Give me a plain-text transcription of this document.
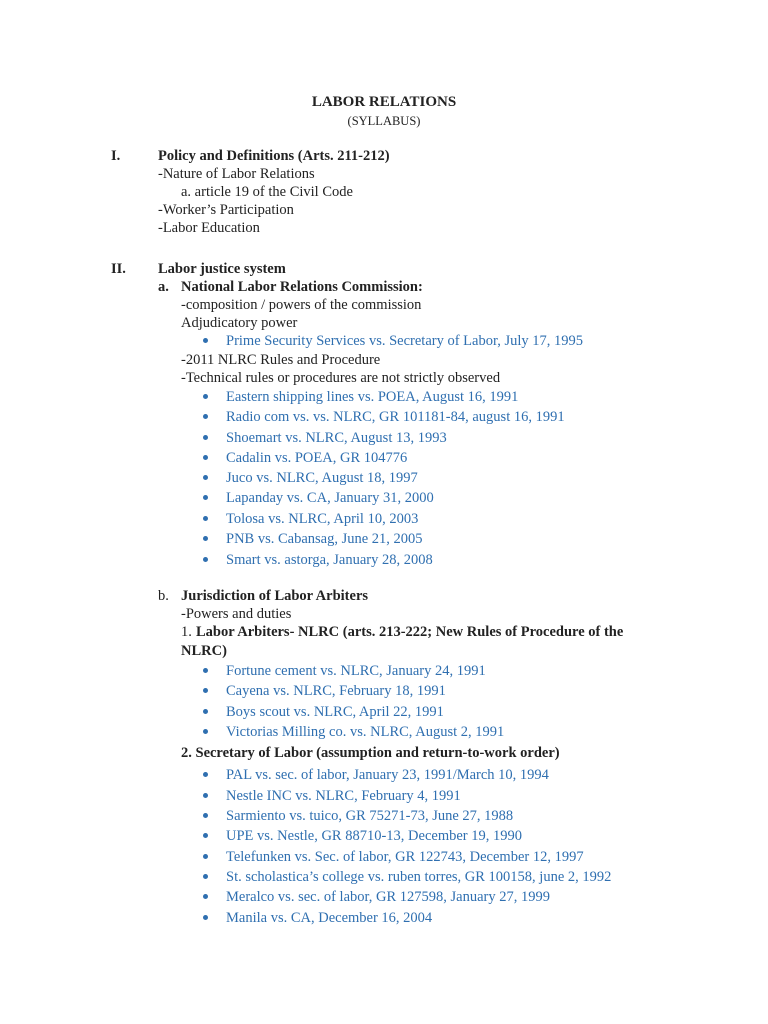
LABOR RELATIONS
(SYLLABUS)
I.	Policy and Definitions (Arts. 211-212)
-Nature of Labor Relations
a. article 19 of the Civil Code
-Worker’s Participation
-Labor Education
II. Labor justice system
a. National Labor Relations Commission:
-composition / powers of the commission
Adjudicatory power
Prime Security Services vs. Secretary of Labor, July 17, 1995
-2011 NLRC Rules and Procedure
-Technical rules or procedures are not strictly observed
Eastern shipping lines vs. POEA, August 16, 1991
Radio com vs. vs. NLRC, GR 101181-84, august 16, 1991
Shoemart vs. NLRC, August 13, 1993
Cadalin vs. POEA, GR 104776
Juco vs. NLRC, August 18, 1997
Lapanday vs. CA, January 31, 2000
Tolosa vs. NLRC, April 10, 2003
PNB vs. Cabansag, June 21, 2005
Smart vs. astorga, January 28, 2008
b. Jurisdiction of Labor Arbiters
-Powers and duties
1. Labor Arbiters- NLRC (arts. 213-222; New Rules of Procedure of the
NLRC)
Fortune cement vs. NLRC, January 24, 1991
Cayena vs. NLRC, February 18, 1991
Boys scout vs. NLRC, April 22, 1991
Victorias Milling co. vs. NLRC, August 2, 1991
2. Secretary of Labor (assumption and return-to-work order)
PAL vs. sec. of labor, January 23, 1991/March 10, 1994
Nestle INC vs. NLRC, February 4, 1991
Sarmiento vs. tuico, GR 75271-73, June 27, 1988
UPE vs. Nestle, GR 88710-13, December 19, 1990
Telefunken vs. Sec. of labor, GR 122743, December 12, 1997
St. scholastica’s college vs. ruben torres, GR 100158, june 2, 1992
Meralco vs. sec. of labor, GR 127598, January 27, 1999
Manila vs. CA, December 16, 2004
